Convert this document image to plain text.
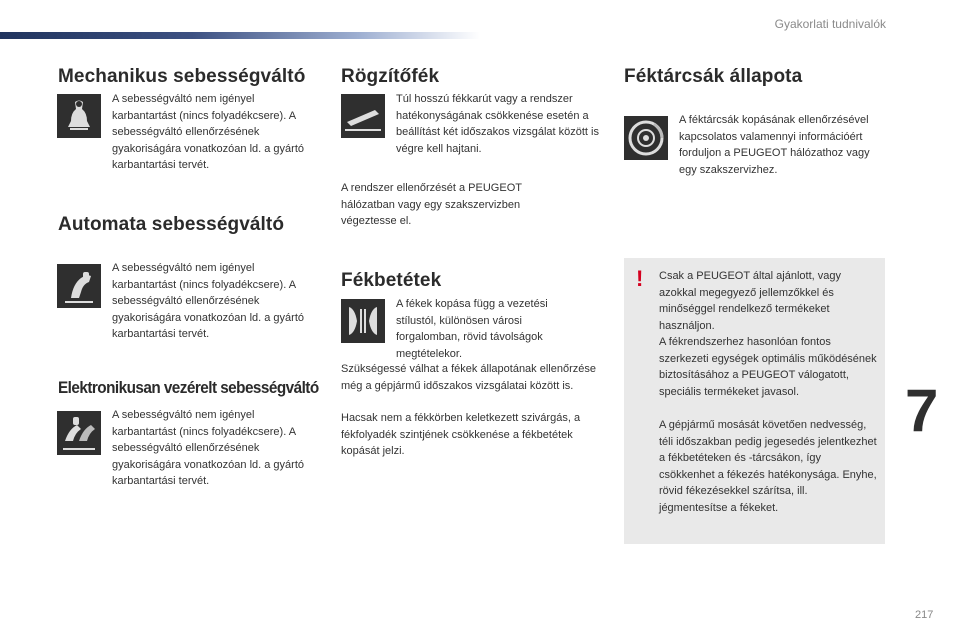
Gyakorlati tudnivalók
Mechanikus sebességváltó

A sebességváltó nem igényel karbantartást (nincs folyadékcsere). A sebességváltó ellenőrzésének gyakoriságára vonatkozóan ld. a gyártó karbantartási tervét.

Automata sebességváltó

A sebességváltó nem igényel karbantartást (nincs folyadékcsere). A sebességváltó ellenőrzésének gyakoriságára vonatkozóan ld. a gyártó karbantartási tervét.

Elektronikusan vezérelt sebességváltó

A sebességváltó nem igényel karbantartást (nincs folyadékcsere). A sebességváltó ellenőrzésének gyakoriságára vonatkozóan ld. a gyártó karbantartási tervét.

Rögzítőfék

Túl hosszú fékkarút vagy a rendszer hatékonyságának csökkenése esetén a beállítást két időszakos vizsgálat között is végre kell hajtani.

A rendszer ellenőrzését a PEUGEOT hálózatban vagy egy szakszervizben végeztesse el.

Fékbetétek

A fékek kopása függ a vezetési stílustól, különösen városi forgalomban, rövid távolságok megtételekor.

Szükségessé válhat a fékek állapotának ellenőrzése még a gépjármű időszakos vizsgálatai között is.

Hacsak nem a fékkörben keletkezett szivárgás, a fékfolyadék szintjének csökkenése a fékbetétek kopását jelzi.

Féktárcsák állapota

A féktárcsák kopásának ellenőrzésével kapcsolatos valamennyi információért forduljon a PEUGEOT hálózathoz vagy egy szakszervizhez.

! Csak a PEUGEOT által ajánlott, vagy azokkal megegyező jellemzőkkel és minőséggel rendelkező termékeket használjon.

A fékrendszerhez hasonlóan fontos szerkezeti egységek optimális működésének biztosításához a PEUGEOT válogatott, speciális termékeket javasol.

A gépjármű mosását követően nedvesség, téli időszakban pedig jegesedés jelentkezhet a fékbetéteken és -tárcsákon, így csökkenhet a fékezés hatékonysága. Enyhe, rövid fékezésekkel szárítsa, ill. jégmentesítse a fékeket.

7
217
